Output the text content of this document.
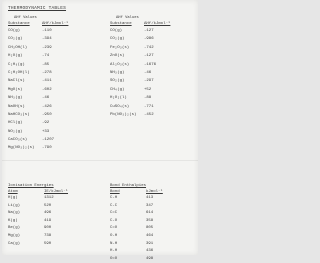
THERMODYNAMIC TABLES
ΔHf Values
Substance	ΔHf/kJmol⁻¹
CO(g)	-110
CO₂(g)	-394
CH₃OH(l)	-239
H₂O(g)	-74
C₂H₆(g)	-85
C₂H₅OH(l)	-278
NaCl(s)	-411
MgO(s)	-602
NH₃(g)	-46
NaOH(s)	-426
NaHCO₃(s)	-950
HCl(g)	-92
NO₂(g)	+33
CaCO₃(s)	-1207
Mg(NO₃)₂(s)	-790
ΔHf Values
Substance	ΔHf/kJmol⁻¹
CO(g)	-127
CO₂(g)	-986
Fe₂O₃(s)	-742
ZnO(s)	-127
Al₂O₃(s)	-1676
NH₃(g)	-46
SO₂(g)	-297
CH₄(g)	+52
H₂O₂(l)	-88
CuSO₄(s)	-771
Pb(NO₃)₂(s)	-452
Ionisation Energies
Atom	IE/kJmol⁻¹
H(g)	1312
Li(g)	520
Na(g)	496
K(g)	419
Be(g)	900
Mg(g)	738
Ca(g)	590
Bond Enthalpies
Bond	kJmol⁻¹
C-H	413
C-C	347
C=C	614
C-O	358
C=O	805
O-H	464
N-H	391
H-H	436
O=O	498
